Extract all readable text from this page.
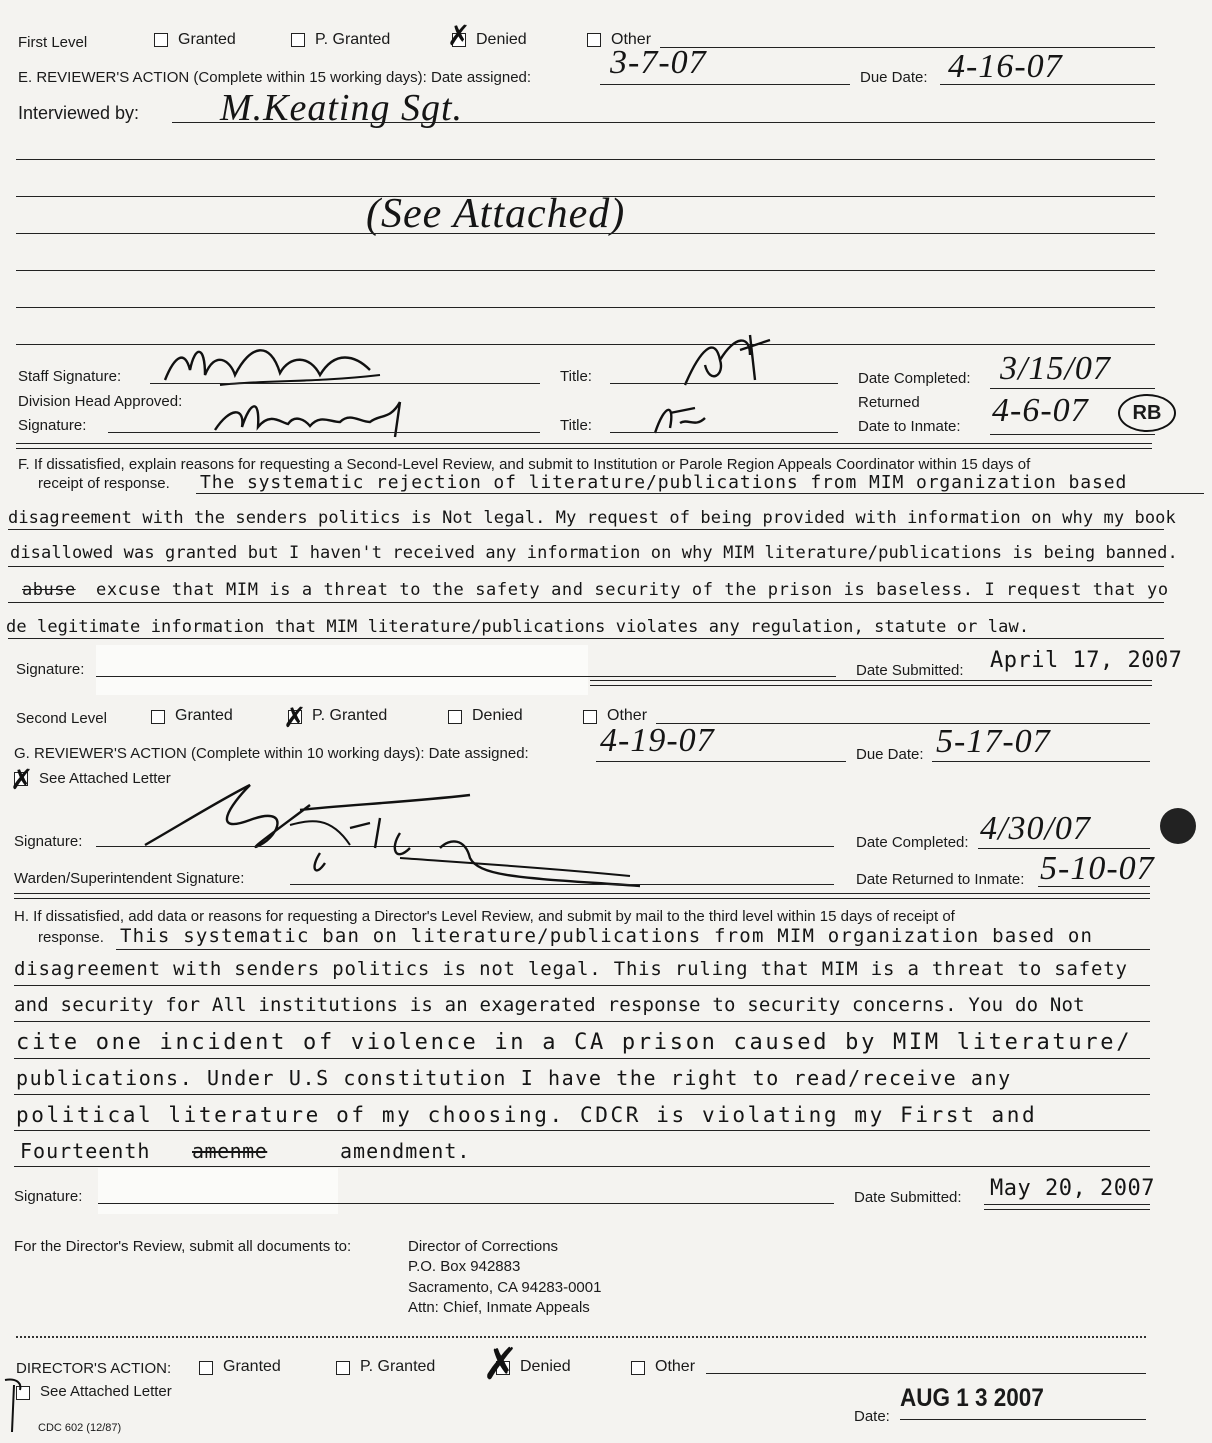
First Level	Granted	P. Granted ✗ Denied	Other
E. REVIEWER'S ACTION (Complete within 15 working days): Date assigned: 3-7-07	Due Date: 4-16-07
Interviewed by: M.Keating Sgt.
(See Attached)
Staff Signature:	Title:	Date Completed: 3/15/07
Division Head Approved:	Returned
Signature:	Title:	Date to Inmate: 4-6-07	RB
F. If dissatisfied, explain reasons for requesting a Second-Level Review, and submit to Institution or Parole Region Appeals Coordinator within 15 days of
receipt of response. The systematic rejection of literature/publications from MIM organization based
disagreement with the senders politics is Not legal. My request of being provided with information on why my book
disallowed was granted but I haven't received any information on why MIM literature/publications is being banned.
abuse excuse that MIM is a threat to the safety and security of the prison is baseless. I request that yo
de legitimate information that MIM literature/publications violates any regulation, statute or law.
Signature:	Date Submitted: April 17, 2007
Second Level	Granted ✗ P. Granted	Denied	Other
G. REVIEWER'S ACTION (Complete within 10 working days): Date assigned: 4-19-07	Due Date: 5-17-07
✗ See Attached Letter
Signature:	Date Completed: 4/30/07
Warden/Superintendent Signature:	Date Returned to Inmate: 5-10-07
H. If dissatisfied, add data or reasons for requesting a Director's Level Review, and submit by mail to the third level within 15 days of receipt of
response. This systematic ban on literature/publications from MIM organization based on
disagreement with senders politics is not legal. This ruling that MIM is a threat to safety
and security for All institutions is an exagerated response to security concerns. You do Not
cite one incident of violence in a CA prison caused by MIM literature/
publications. Under U.S constitution I have the right to read/receive any
political literature of my choosing. CDCR is violating my First and
Fourteenth amenme	amendment.
Signature:	Date Submitted: May 20, 2007
For the Director's Review, submit all documents to:	Director of Corrections
P.O. Box 942883
Sacramento, CA 94283-0001
Attn: Chief, Inmate Appeals
DIRECTOR'S ACTION:	Granted	P. Granted ✗ Denied	Other
See Attached Letter
Date:
AUG 1 3 2007
CDC 602 (12/87)
